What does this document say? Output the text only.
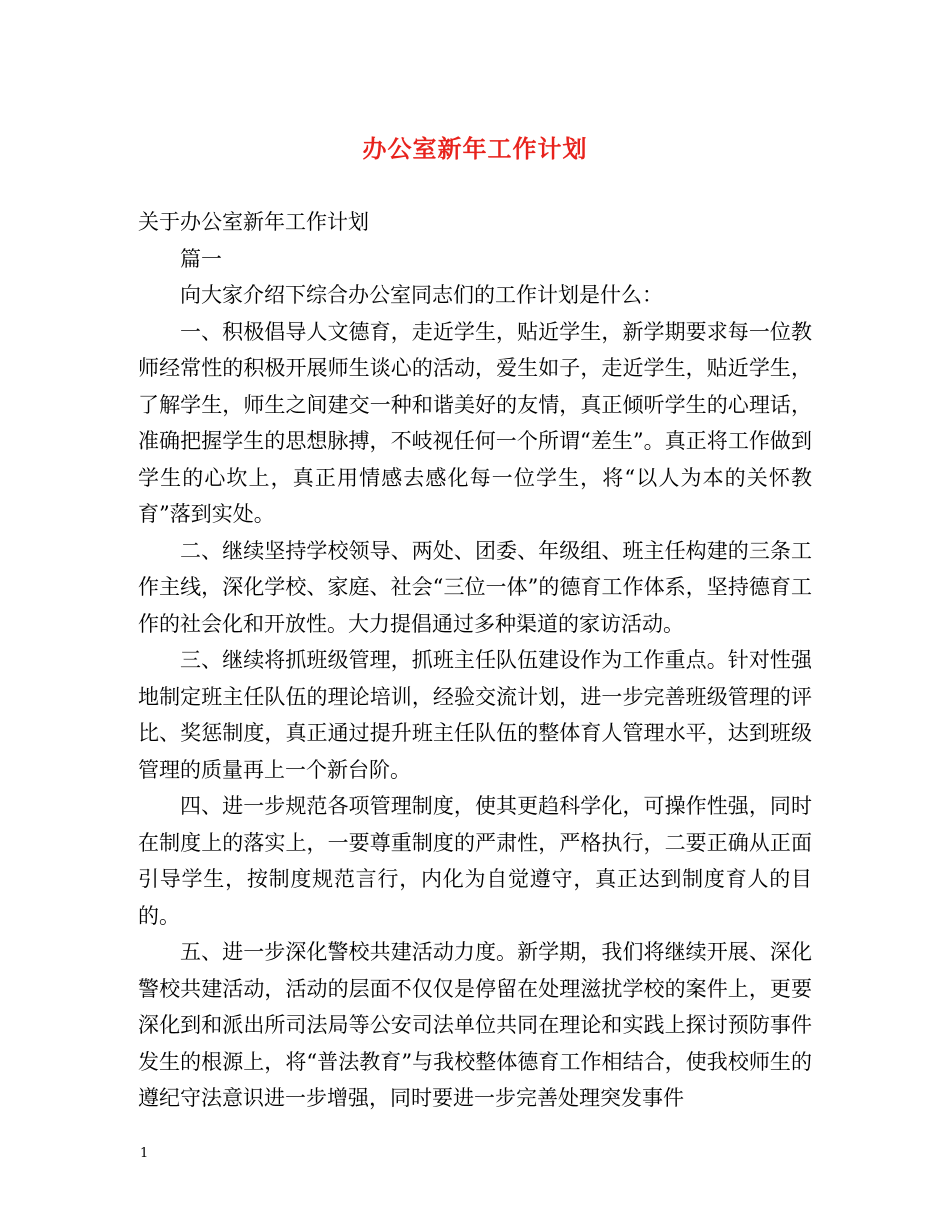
办公室新年工作计划

关于办公室新年工作计划

篇一

向大家介绍下综合办公室同志们的工作计划是什么：

一、积极倡导人文德育，走近学生，贴近学生，新学期要求每一位教师经常性的积极开展师生谈心的活动，爱生如子，走近学生，贴近学生，了解学生，师生之间建交一种和谐美好的友情，真正倾听学生的心理话，准确把握学生的思想脉搏，不岐视任何一个所谓“差生”。真正将工作做到学生的心坎上，真正用情感去感化每一位学生，将“以人为本的关怀教育”落到实处。

二、继续坚持学校领导、两处、团委、年级组、班主任构建的三条工作主线，深化学校、家庭、社会“三位一体”的德育工作体系，坚持德育工作的社会化和开放性。大力提倡通过多种渠道的家访活动。

三、继续将抓班级管理，抓班主任队伍建设作为工作重点。针对性强地制定班主任队伍的理论培训，经验交流计划，进一步完善班级管理的评比、奖惩制度，真正通过提升班主任队伍的整体育人管理水平，达到班级管理的质量再上一个新台阶。

四、进一步规范各项管理制度，使其更趋科学化，可操作性强，同时在制度上的落实上，一要尊重制度的严肃性，严格执行，二要正确从正面引导学生，按制度规范言行，内化为自觉遵守，真正达到制度育人的目的。

五、进一步深化警校共建活动力度。新学期，我们将继续开展、深化警校共建活动，活动的层面不仅仅是停留在处理滋扰学校的案件上，更要深化到和派出所司法局等公安司法单位共同在理论和实践上探讨预防事件发生的根源上，将“普法教育”与我校整体德育工作相结合，使我校师生的遵纪守法意识进一步增强，同时要进一步完善处理突发事件

1
